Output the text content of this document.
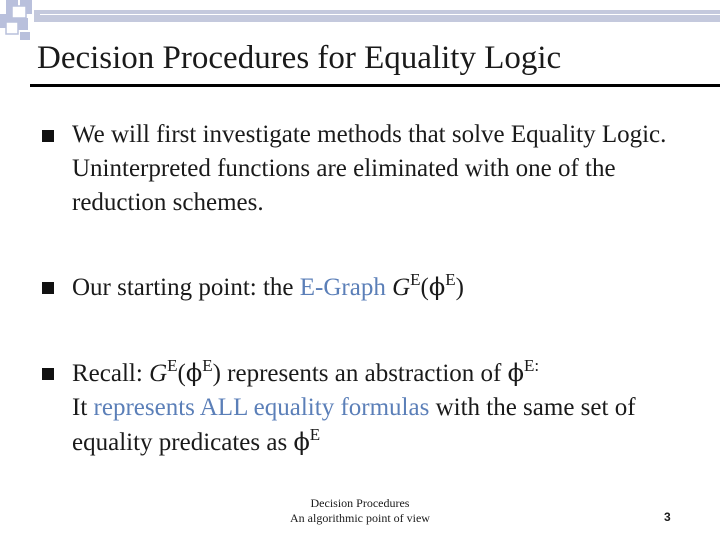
Decision Procedures for Equality Logic
We will first investigate methods that solve Equality Logic. Uninterpreted functions are eliminated with one of the reduction schemes.
Our starting point: the E-Graph $G^E(\phi^E)$
Recall: $G^E(\phi^E)$ represents an abstraction of $\phi^{E:}$
It represents ALL equality formulas with the same set of equality predicates as $\phi^E$
Decision Procedures
An algorithmic point of view	3
